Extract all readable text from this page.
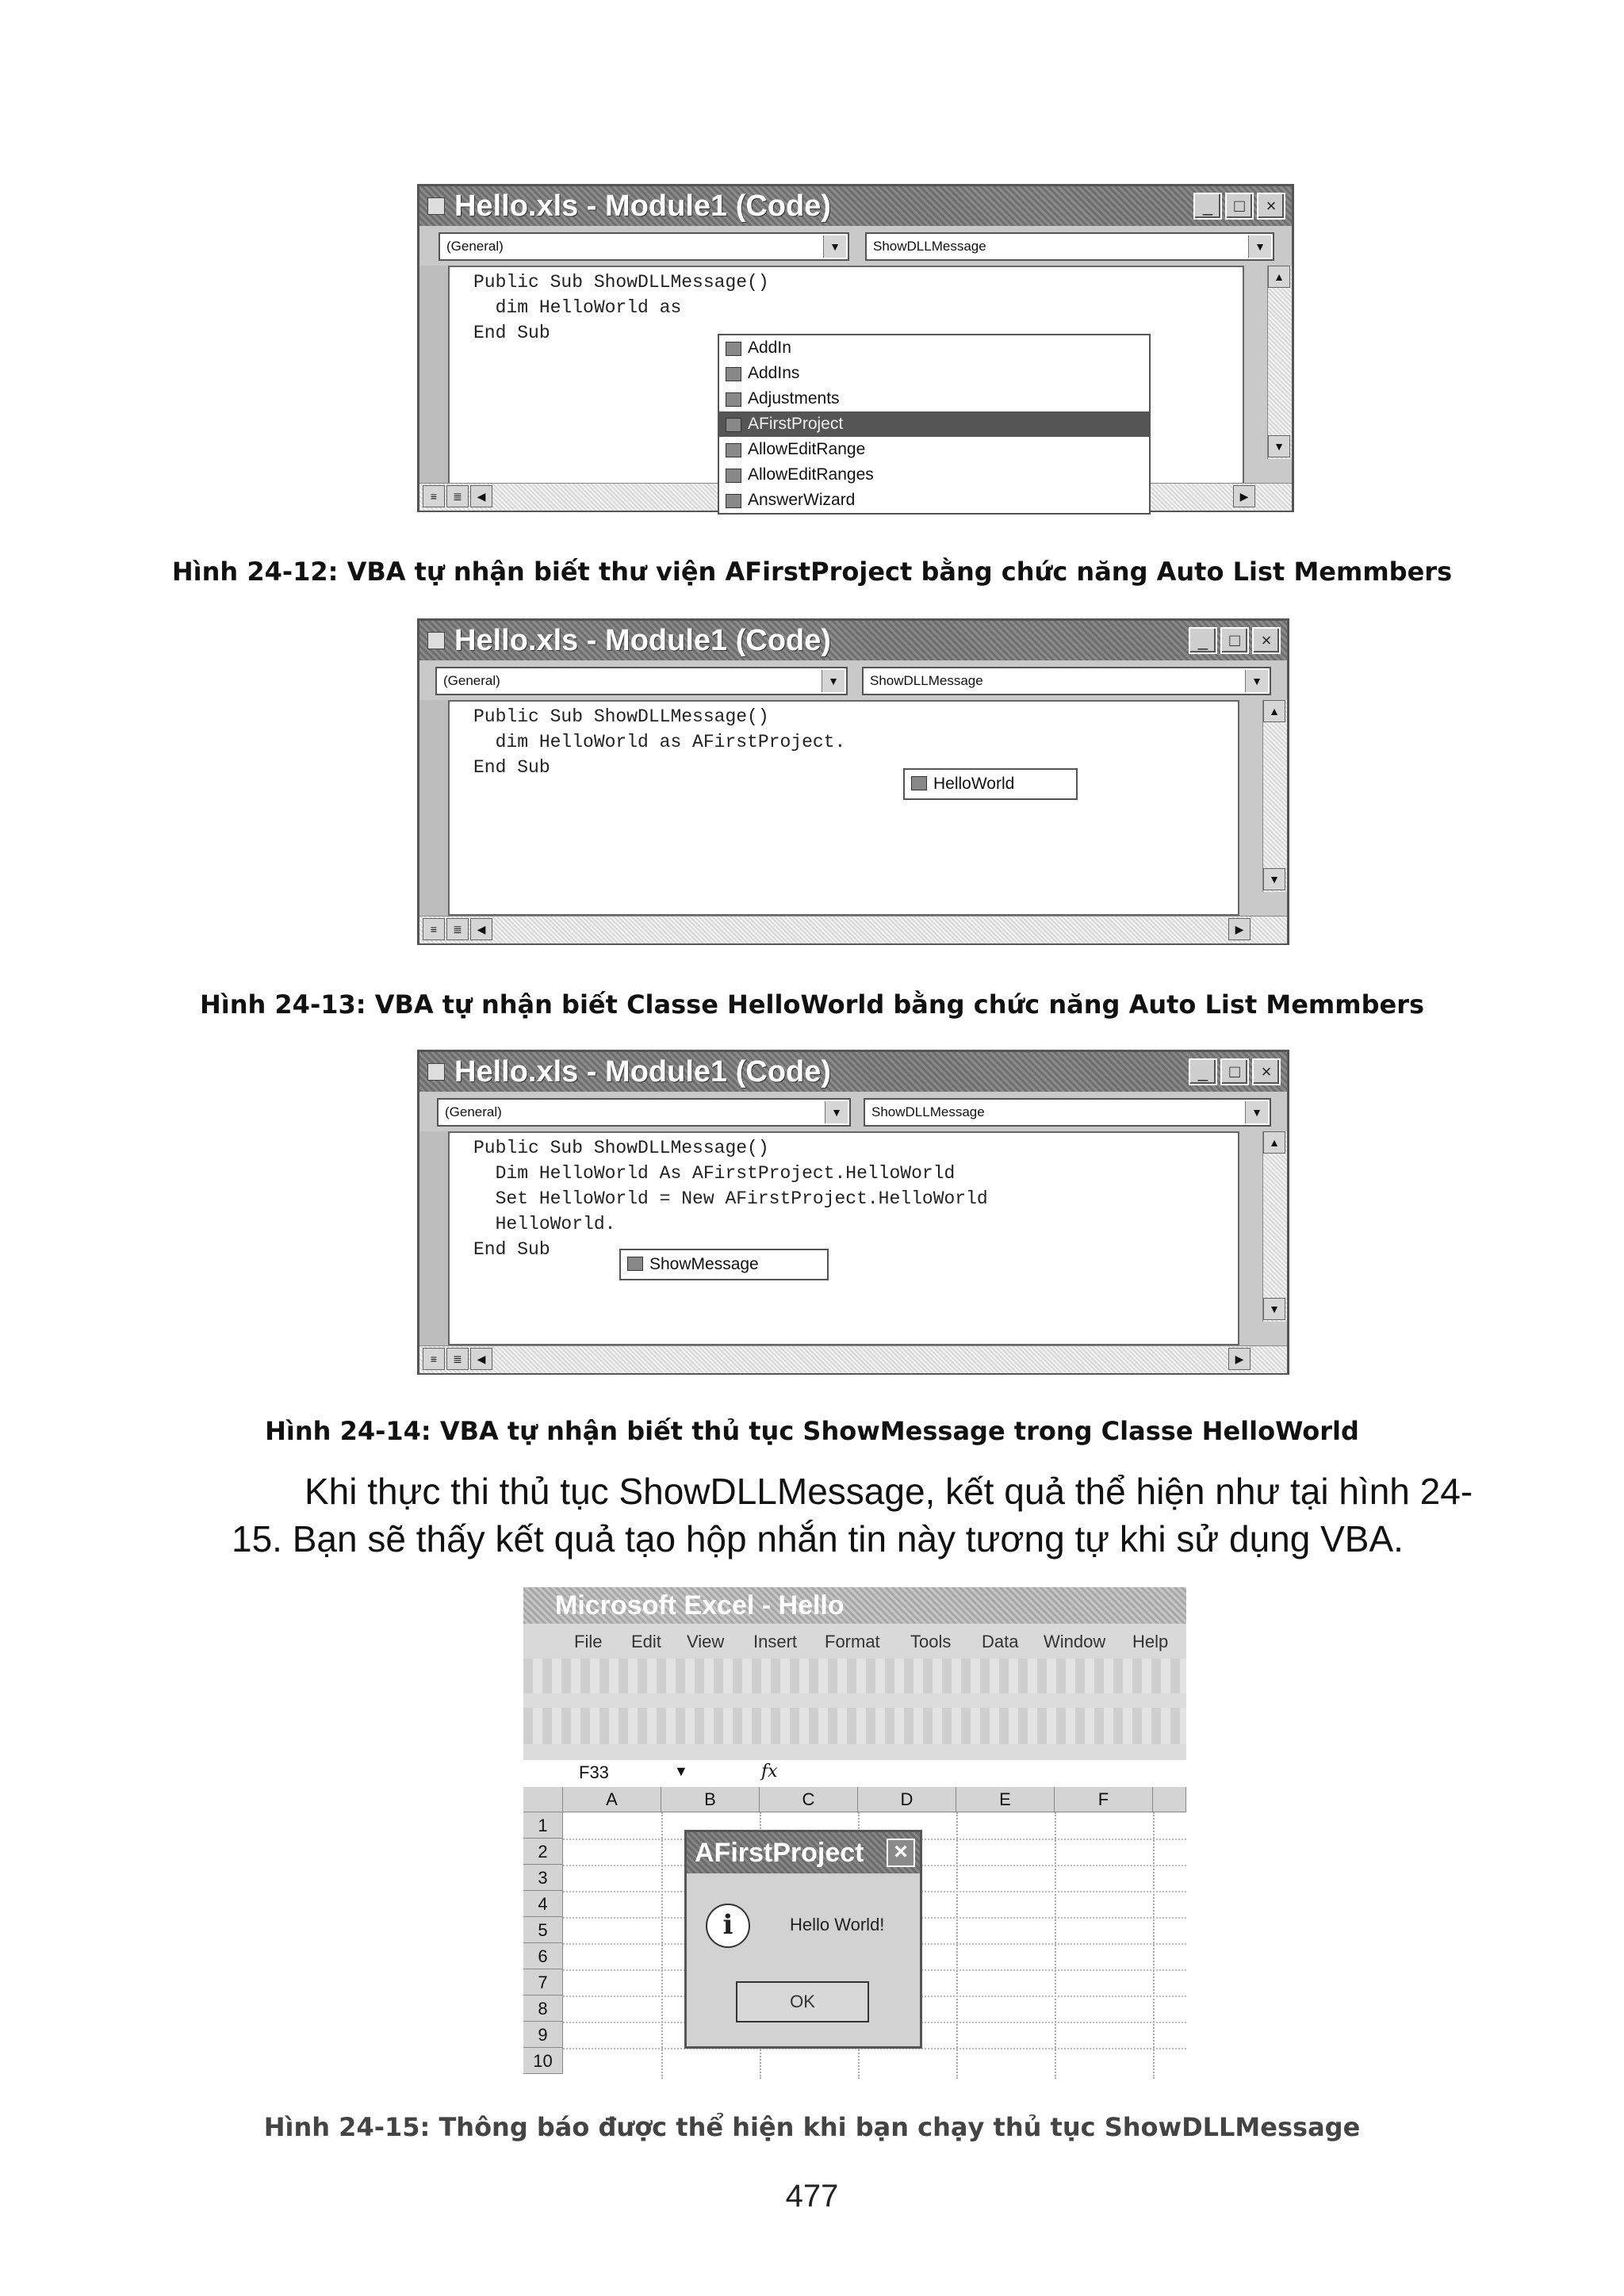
Hello.xls - Module1 (Code)	_	□	×
(General)	▼	ShowDLLMessage	▼
Public Sub ShowDLLMessage()
dim HelloWorld as
End Sub
▲
▼
≡	≣	◀	▶
AddIn
AddIns
Adjustments
AFirstProject
AllowEditRange
AllowEditRanges
AnswerWizard
Hình 24-12: VBA tự nhận biết thư viện AFirstProject bằng chức năng Auto List Memmbers
Hello.xls - Module1 (Code)	_	□	×
(General)	▼	ShowDLLMessage	▼
Public Sub ShowDLLMessage()
dim HelloWorld as AFirstProject.
End Sub
▲
▼
≡	≣	◀	▶
HelloWorld
Hình 24-13: VBA tự nhận biết Classe HelloWorld bằng chức năng Auto List Memmbers
Hello.xls - Module1 (Code)	_	□	×
(General)	▼	ShowDLLMessage	▼
Public Sub ShowDLLMessage()
Dim HelloWorld As AFirstProject.HelloWorld
Set HelloWorld = New AFirstProject.HelloWorld
HelloWorld.
End Sub
▲
▼
≡	≣	◀	▶
ShowMessage
Hình 24-14: VBA tự nhận biết thủ tục ShowMessage trong Classe HelloWorld
Khi thực thi thủ tục ShowDLLMessage, kết quả thể hiện như tại hình 24-
15. Bạn sẽ thấy kết quả tạo hộp nhắn tin này tương tự khi sử dụng VBA.
Microsoft Excel - Hello
File Edit View Insert Format Tools Data Window Help
F33	▼	fx
A	B	C	D	E	F
1
2
3
4
5
6
7
8
9
10
AFirstProject	×
i	Hello World!
OK
Hình 24-15: Thông báo được thể hiện khi bạn chạy thủ tục ShowDLLMessage
477
